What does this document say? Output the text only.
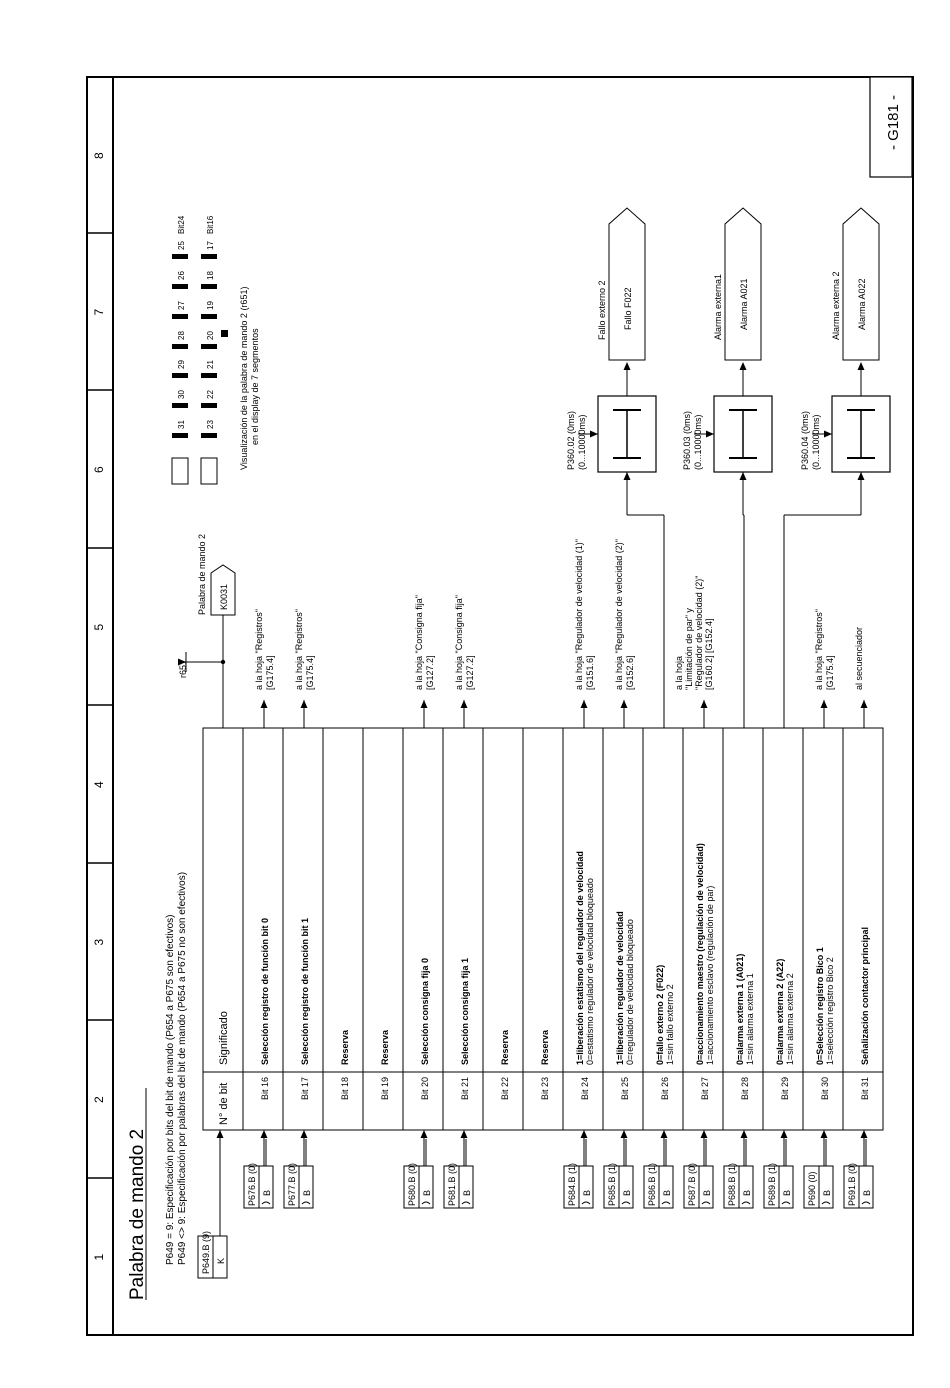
1
2
3
4
5
6
7
8
Palabra de mando 2
- G181 -
P649 = 9: Especificación por bits del bit de mando (P654 a P675 son efectivos) P649 <> 9: Especificación por palabras del bit de mando (P654 a P675 no son efectivos)	N° de bit
Significado
P649.B (9) K
Bit 16
Selección registro de función bit 0
P676.B (0) B
a la hoja "Registros" [G175.4]
Bit 17
Selección registro de función bit 1
P677.B (0) B
a la hoja "Registros" [G175.4]
Bit 18
Reserva
Bit 19
Reserva
Bit 20
Selección consigna fija 0
P680.B (0) B
a la hoja "Consigna fija" [G127.2]
Bit 21
Selección consigna fija 1
P681.B (0) B
a la hoja "Consigna fija" [G127.2]
Bit 22
Reserva
Bit 23
Reserva
Bit 24
1=liberación estatismo del regulador de velocidad 0=estatismo regulador de velocidad bloqueado
P684.B (1) B
a la hoja "Regulador de velocidad (1)" [G151.6]
Bit 25
1=liberación regulador de velocidad 0=regulador de velocidad bloqueado
P685.B (1) B
a la hoja "Regulador de velocidad (2)" [G152.6]
Bit 26
0=fallo externo 2 (F022) 1=sin fallo externo 2
P686.B (1) B
Bit 27
0=accionamiento maestro (regulación de velocidad) 1=accionamiento esclavo (regulación de par)
P687.B (0) B
Bit 28
0=alarma externa 1 (A021) 1=sin alarma externa 1
P688.B (1) B
Bit 29
0=alarma externa 2 (A22) 1=sin alarma externa 2
P689.B (1) B
Bit 30
0=Selección registro Bico 1 1=selección registro Bico 2
P690 (0) B
a la hoja "Registros" [G175.4]
Bit 31
Señalización contactor principal
P691.B (0) B
al secuenciador
r651
K0031
Palabra de mando 2
a la hoja "Limitación de par" y "Regulador de velocidad (2)" [G160.2] [G152.4]
31
30
29
28
27
26
25
23
22
21
20
19
18
17
Bit24	Bit16
Visualización de la palabra de mando 2 (r651) en el display de 7 segmentos	P360.02 (0ms) (0...10000ms)
Fallo externo 2 Fallo F022
P360.03 (0ms) (0...10000ms)
Alarma externa1 Alarma A021
P360.04 (0ms) (0...10000ms)
Alarma externa 2 Alarma A022
